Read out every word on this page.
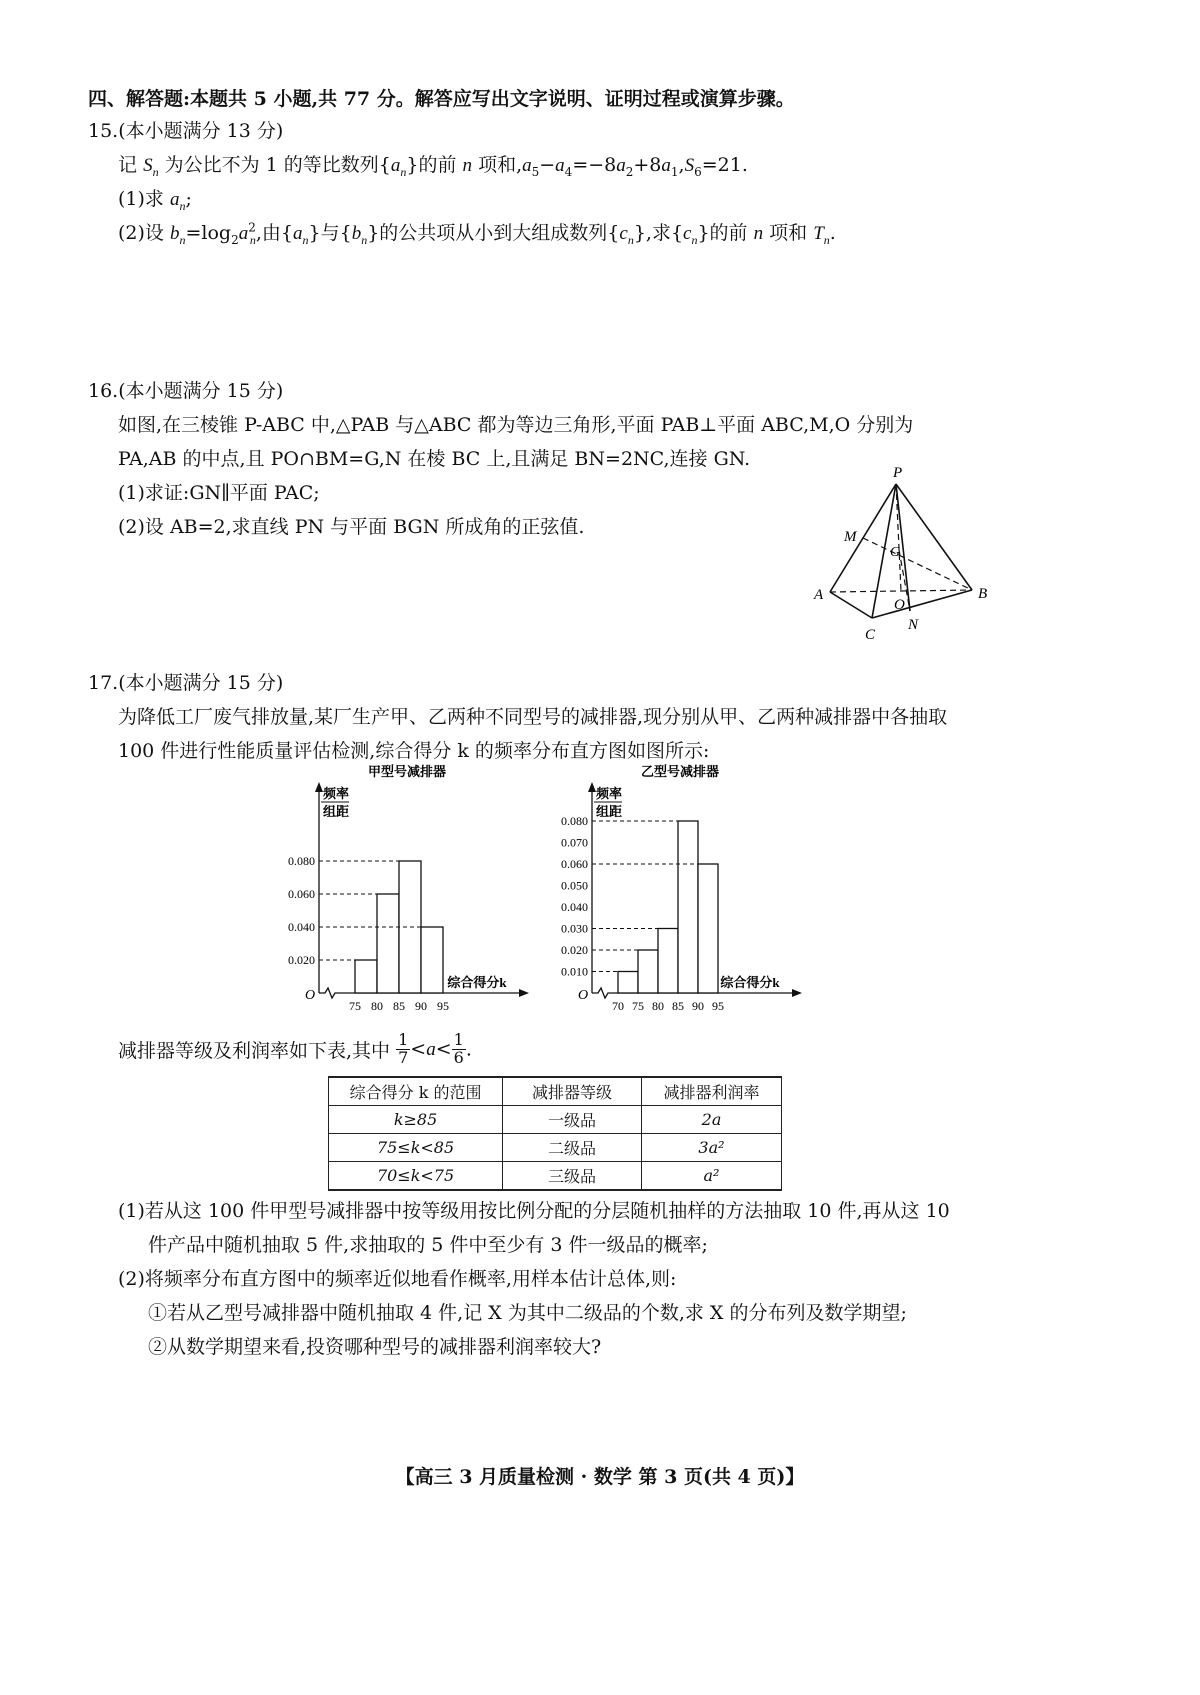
四、解答题:本题共 5 小题,共 77 分。解答应写出文字说明、证明过程或演算步骤。
15.(本小题满分 13 分)
记 $S_n$ 为公比不为 1 的等比数列$\{a_n\}$的前 n 项和$,a_5-a_4=-8a_2+8a_1,S_6=21$.
(1)求 $a_n$;
(2)设 $b_n=\log_2a^2_n$,由$\{a_n\}$与$\{b_n\}$的公共项从小到大组成数列$\{c_n\}$,求$\{c_n\}$的前 n 项和 $T_n$.
16.(本小题满分 15 分)
如图,在三棱锥 P-ABC 中,△PAB 与△ABC 都为等边三角形,平面 PAB⊥平面 ABC,M,O 分别为
PA,AB 的中点,且 PO∩BM=G,N 在棱 BC 上,且满足 BN=2NC,连接 GN.
(1)求证:GN∥平面 PAC;
(2)设 AB=2,求直线 PN 与平面 BGN 所成角的正弦值.
P
M
G
A
O
B
C
N
17.(本小题满分 15 分)
为降低工厂废气排放量,某厂生产甲、乙两种不同型号的减排器,现分别从甲、乙两种减排器中各抽取
100 件进行性能质量评估检测,综合得分 k 的频率分布直方图如图所示:
甲型号减排器
频率
组距
O
综合得分k
0.020
0.040
0.060
0.080
75 80 85 90 95
乙型号减排器
频率
组距
O
综合得分k
0.010
0.020
0.030
0.040
0.050
0.060
0.070
0.080
70 75 80 85 90 95
减排器等级及利润率如下表,其中 $\frac{1}{7} <a< \frac{1}{6}$ .
综合得分 k 的范围	减排器等级	减排器利润率
k≥85	一级品	2a
75≤k<85	二级品	3a²
70≤k<75	三级品	a²
(1)若从这 100 件甲型号减排器中按等级用按比例分配的分层随机抽样的方法抽取 10 件,再从这 10
件产品中随机抽取 5 件,求抽取的 5 件中至少有 3 件一级品的概率;
(2)将频率分布直方图中的频率近似地看作概率,用样本估计总体,则:
①若从乙型号减排器中随机抽取 4 件,记 X 为其中二级品的个数,求 X 的分布列及数学期望;
②从数学期望来看,投资哪种型号的减排器利润率较大?
【高三 3 月质量检测 · 数学 第 3 页(共 4 页)】
